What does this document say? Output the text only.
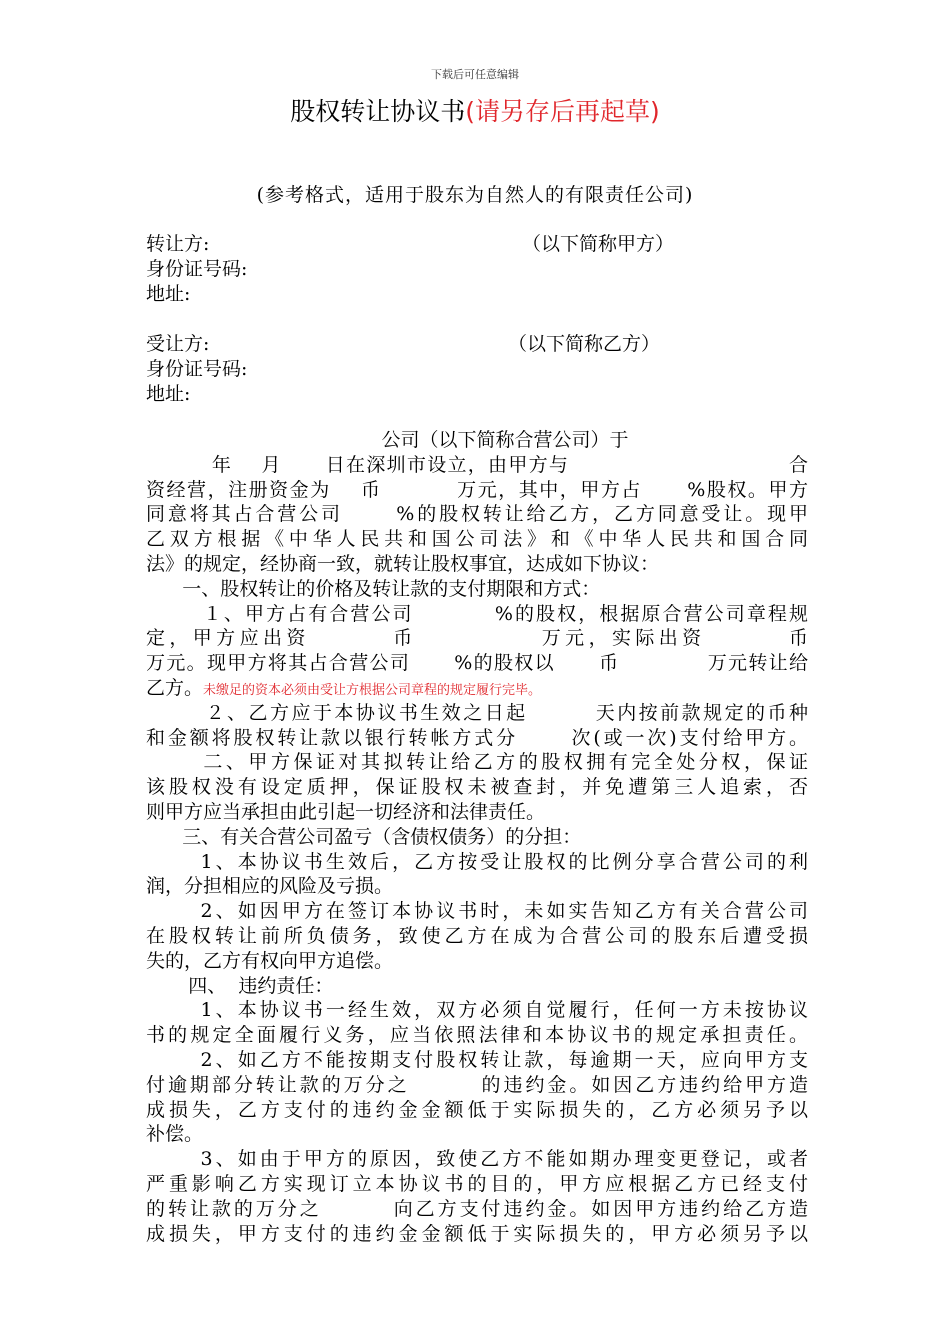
下载后可任意编辑
股权转让协议书(请另存后再起草)
(参考格式，适用于股东为自然人的有限责任公司)
转让方:	（以下简称甲方）
身份证号码:
地址:
受让方:	（以下简称乙方）
身份证号码:
地址:
公司（以下简称合营公司）于
年    月      日在深圳市设立，由甲方与                              合
资经营，注册资金为    币          万元，其中，甲方占      %股权。甲方
同意将其占合营公司      %的股权转让给乙方，乙方同意受让。现甲
乙双方根据《中华人民共和国公司法》和《中华人民共和国合同
法》的规定，经协商一致，就转让股权事宜，达成如下协议：
一、股权转让的价格及转让款的支付期限和方式：
１、甲方占有合营公司          %的股权，根据原合营公司章程规
定，甲方应出资        币            万元，实际出资        币
万元。现甲方将其占合营公司      %的股权以      币            万元转让给
乙方。未缴足的资本必须由受让方根据公司章程的规定履行完毕。
２、乙方应于本协议书生效之日起        天内按前款规定的币种
和金额将股权转让款以银行转帐方式分      次(或一次)支付给甲方。
二、甲方保证对其拟转让给乙方的股权拥有完全处分权，保证
该股权没有设定质押，保证股权未被查封，并免遭第三人追索，否
则甲方应当承担由此引起一切经济和法律责任。
三、有关合营公司盈亏（含债权债务）的分担：
1、本协议书生效后，乙方按受让股权的比例分享合营公司的利
润，分担相应的风险及亏损。
2、如因甲方在签订本协议书时，未如实告知乙方有关合营公司
在股权转让前所负债务，致使乙方在成为合营公司的股东后遭受损
失的，乙方有权向甲方追偿。
四、  违约责任：
1、本协议书一经生效，双方必须自觉履行，任何一方未按协议
书的规定全面履行义务，应当依照法律和本协议书的规定承担责任。
2、如乙方不能按期支付股权转让款，每逾期一天，应向甲方支
付逾期部分转让款的万分之        的违约金。如因乙方违约给甲方造
成损失，乙方支付的违约金金额低于实际损失的，乙方必须另予以
补偿。
3、如由于甲方的原因，致使乙方不能如期办理变更登记，或者
严重影响乙方实现订立本协议书的目的，甲方应根据乙方已经支付
的转让款的万分之        向乙方支付违约金。如因甲方违约给乙方造
成损失，甲方支付的违约金金额低于实际损失的，甲方必须另予以
